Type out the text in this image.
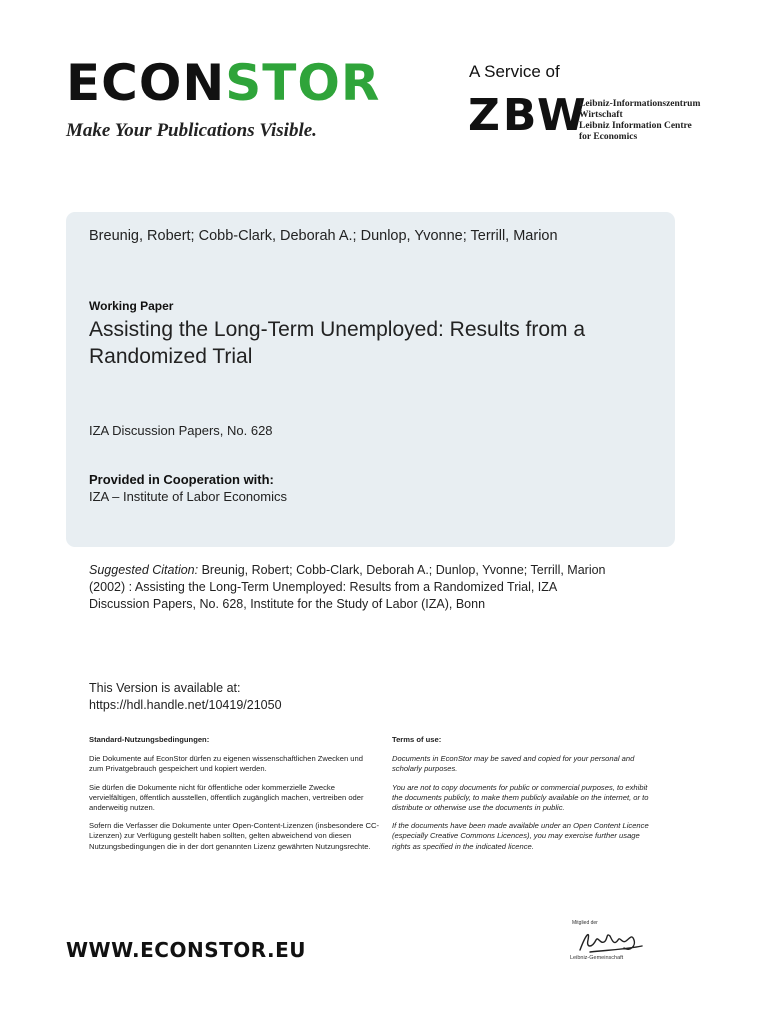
ECONSTOR
Make Your Publications Visible.
A Service of
ZBW
Leibniz-Informationszentrum
Wirtschaft
Leibniz Information Centre
for Economics
Breunig, Robert; Cobb-Clark, Deborah A.; Dunlop, Yvonne; Terrill, Marion
Working Paper
Assisting the Long-Term Unemployed: Results from a Randomized Trial
IZA Discussion Papers, No. 628
Provided in Cooperation with:
IZA – Institute of Labor Economics
Suggested Citation: Breunig, Robert; Cobb-Clark, Deborah A.; Dunlop, Yvonne; Terrill, Marion (2002) : Assisting the Long-Term Unemployed: Results from a Randomized Trial, IZA Discussion Papers, No. 628, Institute for the Study of Labor (IZA), Bonn
This Version is available at:
https://hdl.handle.net/10419/21050
Standard-Nutzungsbedingungen:

Die Dokumente auf EconStor dürfen zu eigenen wissenschaftlichen Zwecken und zum Privatgebrauch gespeichert und kopiert werden.

Sie dürfen die Dokumente nicht für öffentliche oder kommerzielle Zwecke vervielfältigen, öffentlich ausstellen, öffentlich zugänglich machen, vertreiben oder anderweitig nutzen.

Sofern die Verfasser die Dokumente unter Open-Content-Lizenzen (insbesondere CC-Lizenzen) zur Verfügung gestellt haben sollten, gelten abweichend von diesen Nutzungsbedingungen die in der dort genannten Lizenz gewährten Nutzungsrechte.

Terms of use:

Documents in EconStor may be saved and copied for your personal and scholarly purposes.

You are not to copy documents for public or commercial purposes, to exhibit the documents publicly, to make them publicly available on the internet, or to distribute or otherwise use the documents in public.

If the documents have been made available under an Open Content Licence (especially Creative Commons Licences), you may exercise further usage rights as specified in the indicated licence.

WWW.ECONSTOR.EU
Mitglied der
Leibniz-Gemeinschaft
